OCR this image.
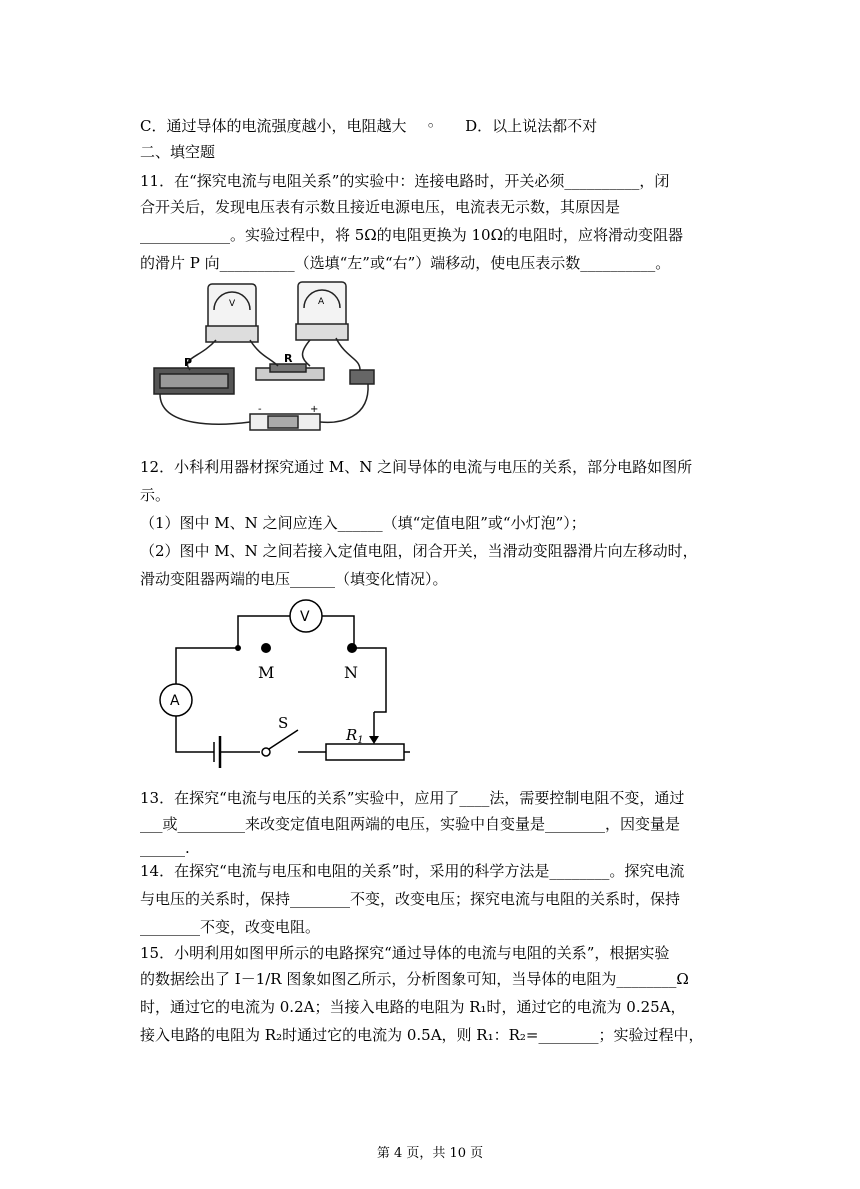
C．通过导体的电流强度越小，电阻越大　 ◦　　D．以上说法都不对
二、填空题
11．在“探究电流与电阻关系”的实验中：连接电路时，开关必须__________，闭
合开关后，发现电压表有示数且接近电源电压，电流表无示数，其原因是
____________。实验过程中，将 5Ω的电阻更换为 10Ω的电阻时，应将滑动变阻器
的滑片 P 向__________（选填“左”或“右”）端移动，使电压表示数__________。
V	A
P	R
-	+
12．小科利用器材探究通过 M、N 之间导体的电流与电压的关系，部分电路如图所
示。
（1）图中 M、N 之间应连入______（填“定值电阻”或“小灯泡”）；
（2）图中 M、N 之间若接入定值电阻，闭合开关，当滑动变阻器滑片向左移动时，
滑动变阻器两端的电压______（填变化情况）。
V
A
M	N
S
$R_1$
13．在探究“电流与电压的关系”实验中，应用了____法，需要控制电阻不变，通过
___或_________来改变定值电阻两端的电压，实验中自变量是________，因变量是
______.
14．在探究“电流与电压和电阻的关系”时，采用的科学方法是________。探究电流
与电压的关系时，保持________不变，改变电压；探究电流与电阻的关系时，保持
________不变，改变电阻。
15．小明利用如图甲所示的电路探究“通过导体的电流与电阻的关系”，根据实验
的数据绘出了 I－1/R 图象如图乙所示，分析图象可知，当导体的电阻为________Ω
时，通过它的电流为 0.2A；当接入电路的电阻为 R₁时，通过它的电流为 0.25A，
接入电路的电阻为 R₂时通过它的电流为 0.5A，则 R₁：R₂=________；实验过程中，
第 4 页，共 10 页
